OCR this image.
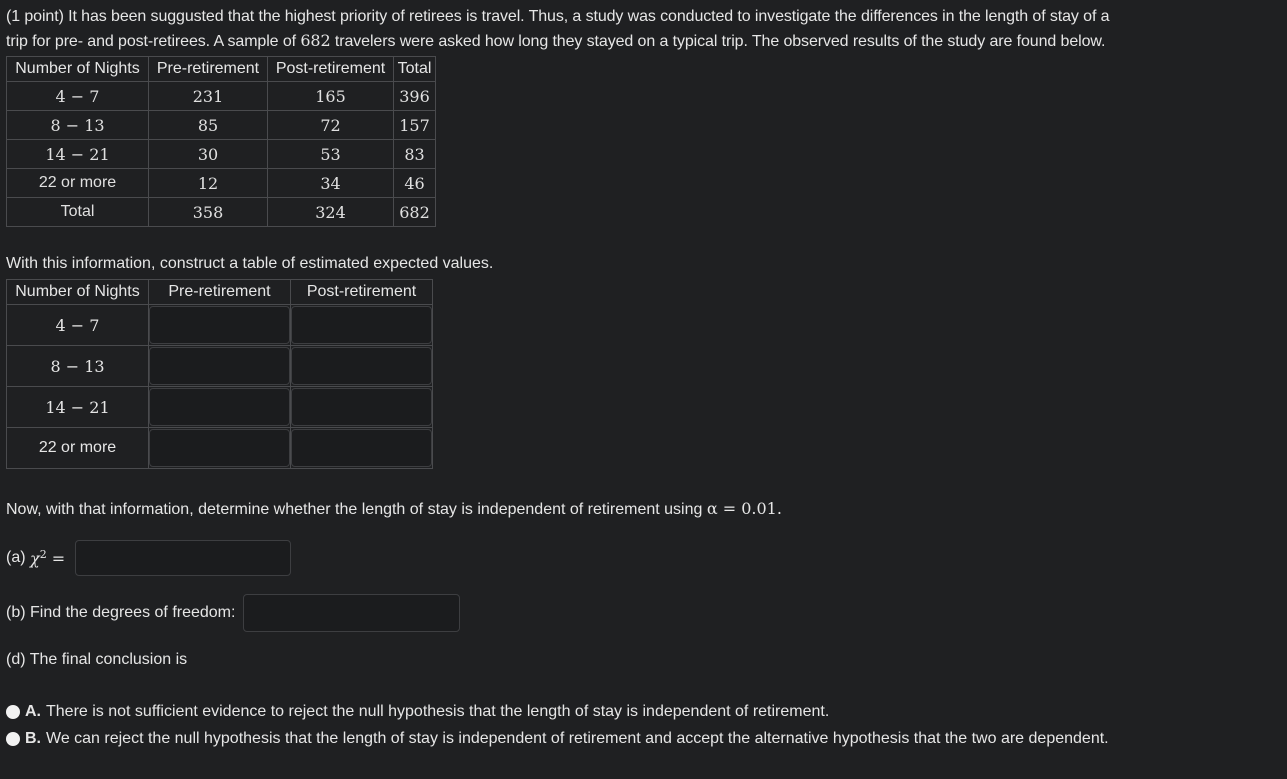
(1 point) It has been suggusted that the highest priority of retirees is travel. Thus, a study was conducted to investigate the differences in the length of stay of a
trip for pre- and post-retirees. A sample of 682 travelers were asked how long they stayed on a typical trip. The observed results of the study are found below.
Number of Nights	Pre-retirement	Post-retirement	Total
4 − 7	231	165	396
8 − 13	85	72	157
14 − 21	30	53	83
22 or more	12	34	46
Total	358	324	682
With this information, construct a table of estimated expected values.
Number of Nights	Pre-retirement	Post-retirement
4 − 7	

8 − 13	

14 − 21	

22 or more	

Now, with that information, determine whether the length of stay is independent of retirement using α = 0.01.
(a) $\chi^2$ =
(b) Find the degrees of freedom:
(d) The final conclusion is
A. There is not sufficient evidence to reject the null hypothesis that the length of stay is independent of retirement.
B. We can reject the null hypothesis that the length of stay is independent of retirement and accept the alternative hypothesis that the two are dependent.
